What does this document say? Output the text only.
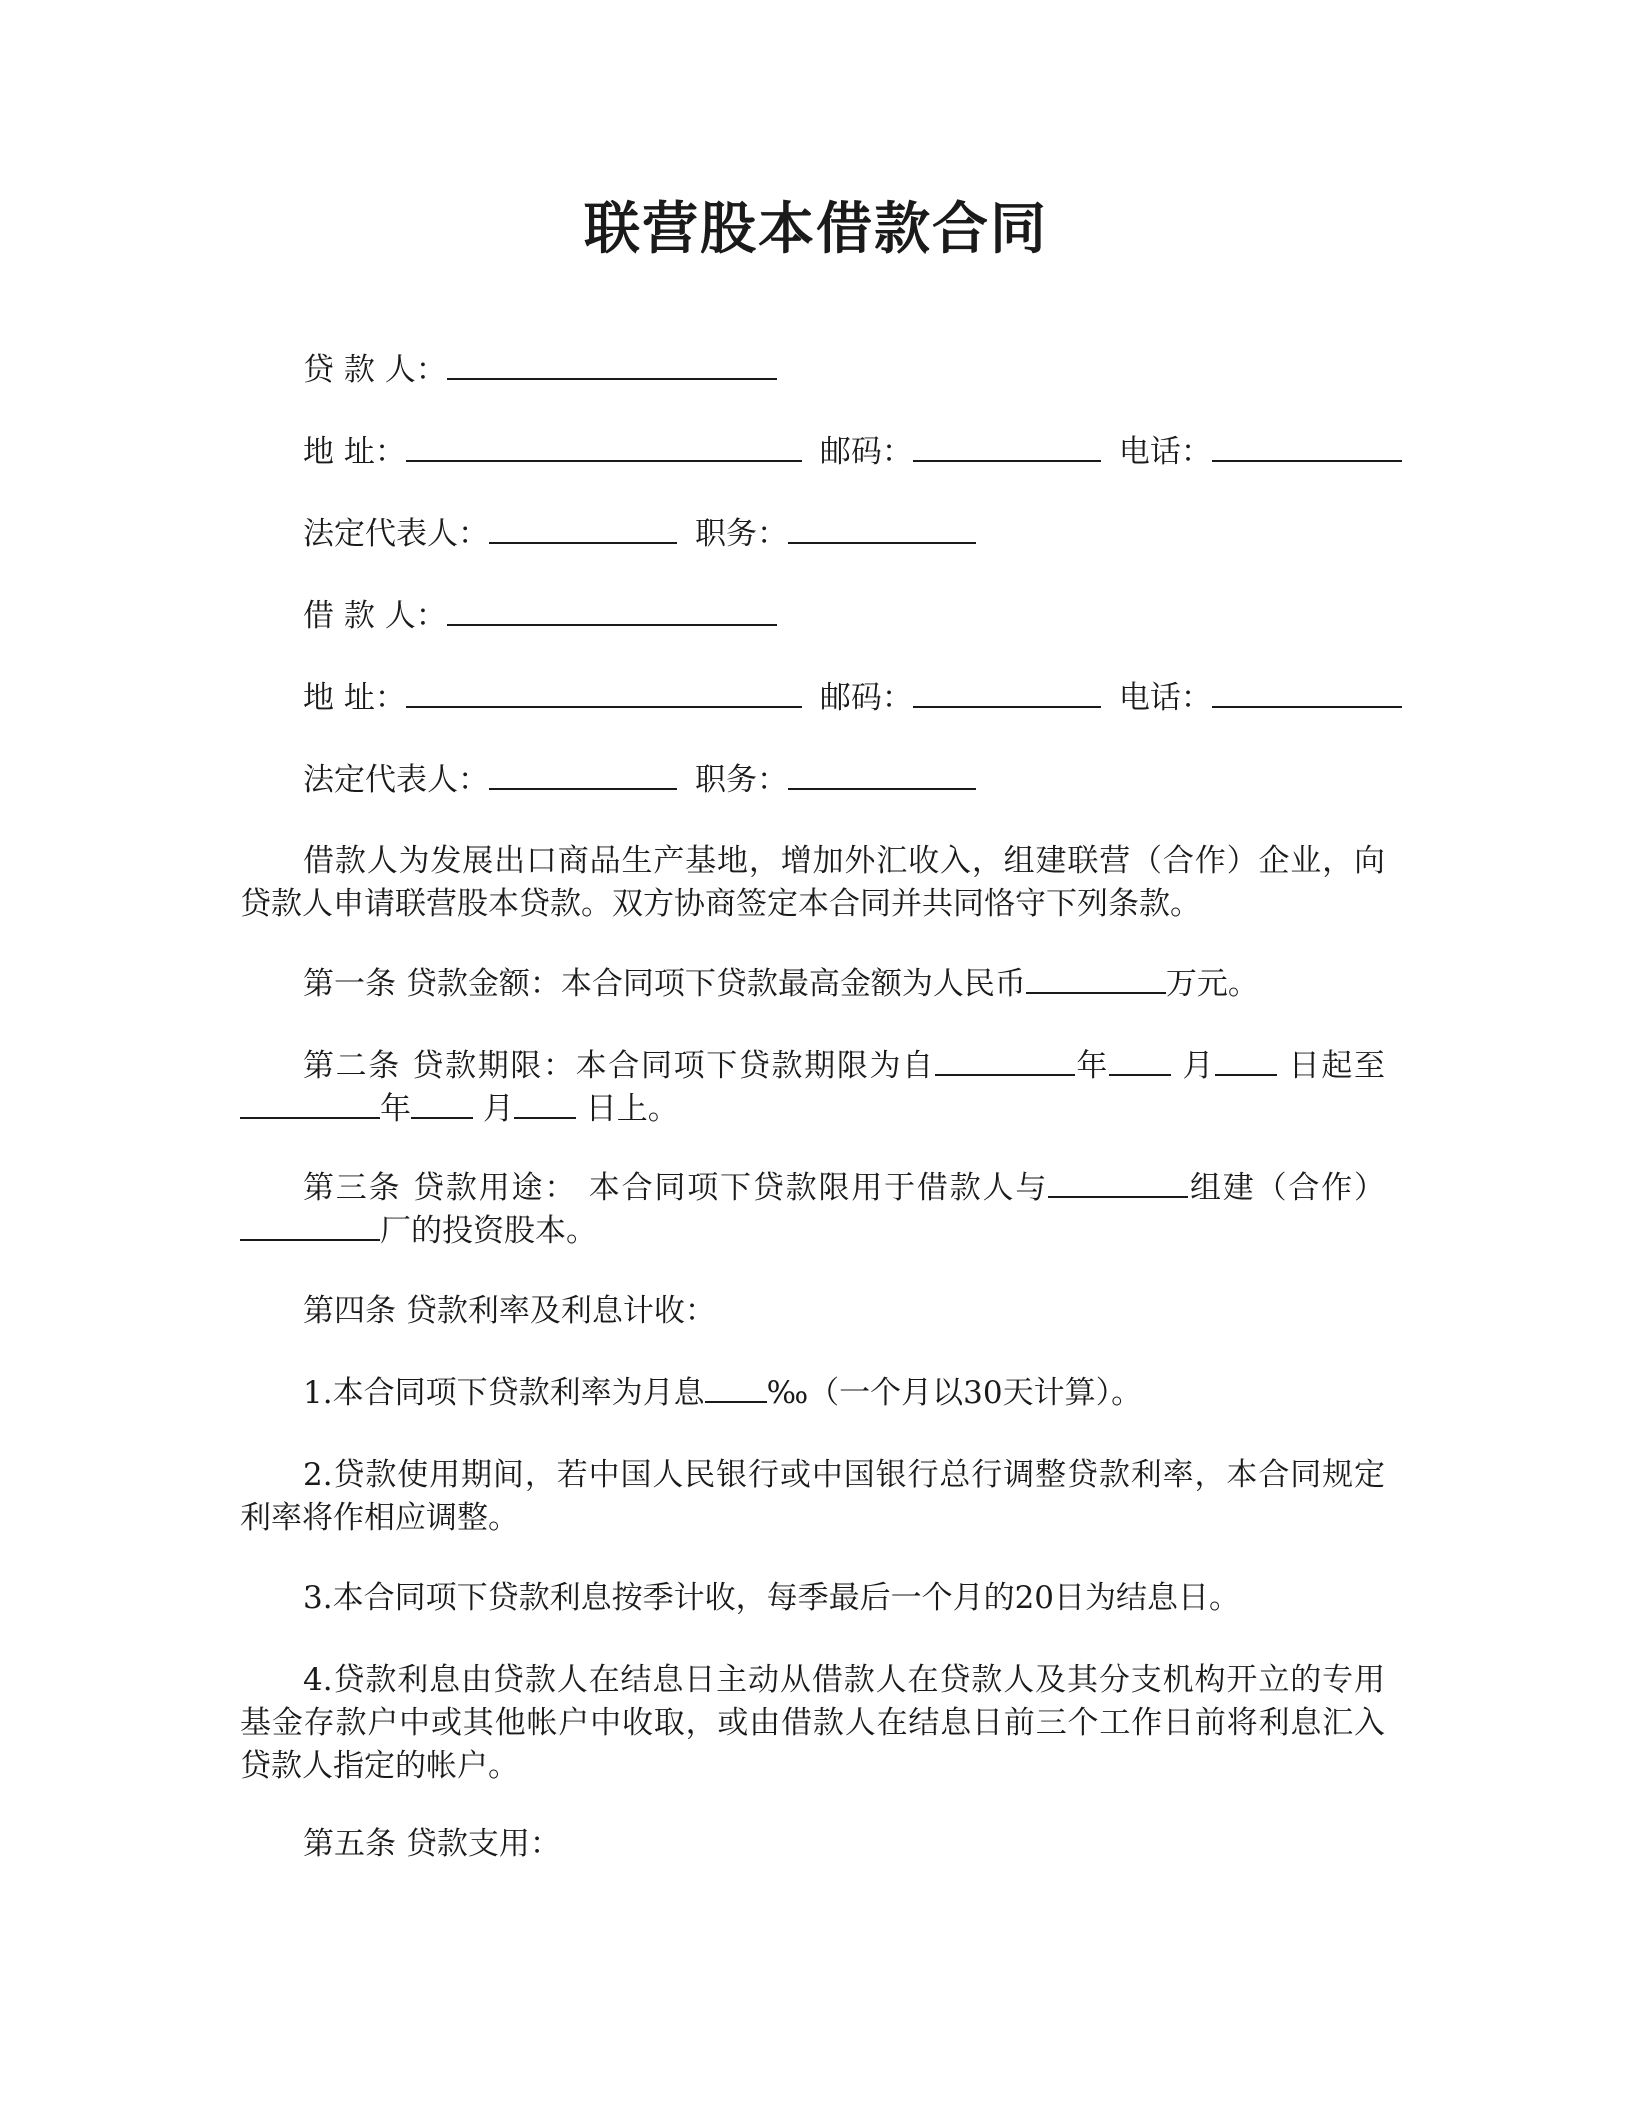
联营股本借款合同
贷 款 人：
地 址：	邮码：	电话：
法定代表人：	职务：
借 款 人：
地 址：	邮码：	电话：
法定代表人：	职务：
借款人为发展出口商品生产基地，增加外汇收入，组建联营（合作）企业，向贷款人申请联营股本贷款。双方协商签定本合同并共同恪守下列条款。
第一条 贷款金额：本合同项下贷款最高金额为人民币	万元。
第二条 贷款期限：本合同项下贷款期限为自	年 月 日起至年 月 日上。
第三条 贷款用途： 本合同项下贷款限用于借款人与	组建（合作）厂的投资股本。
第四条 贷款利率及利息计收：
1.本合同项下贷款利率为月息 ‰（一个月以30天计算）。
2.贷款使用期间，若中国人民银行或中国银行总行调整贷款利率，本合同规定利率将作相应调整。
3.本合同项下贷款利息按季计收，每季最后一个月的20日为结息日。
4.贷款利息由贷款人在结息日主动从借款人在贷款人及其分支机构开立的专用基金存款户中或其他帐户中收取，或由借款人在结息日前三个工作日前将利息汇入贷款人指定的帐户。
第五条 贷款支用：
